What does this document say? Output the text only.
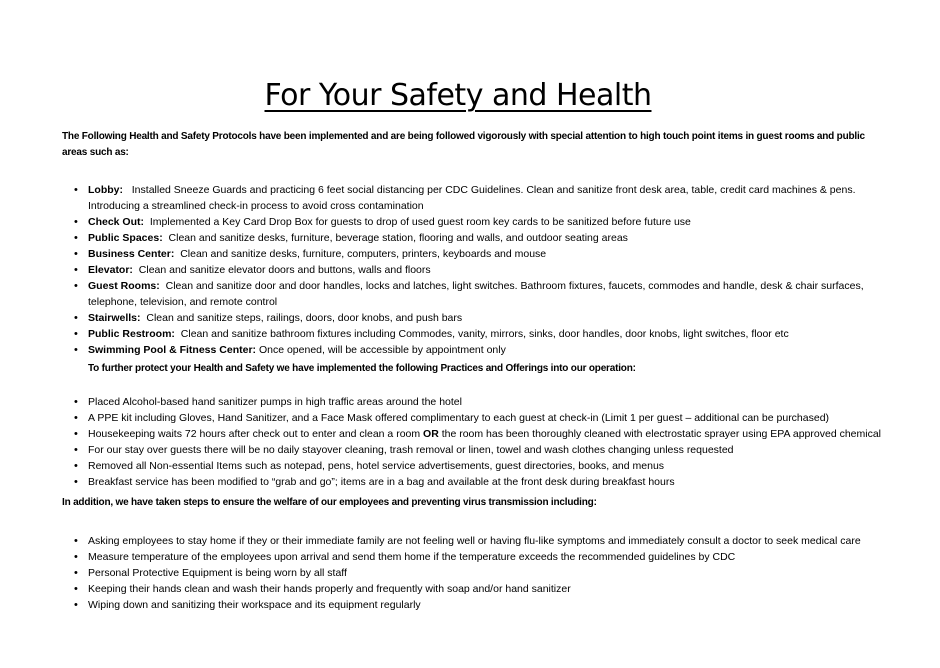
For Your Safety and Health

The Following Health and Safety Protocols have been implemented and are being followed vigorously with special attention to high touch point items in guest rooms and public areas such as:

• Lobby: Installed Sneeze Guards and practicing 6 feet social distancing per CDC Guidelines. Clean and sanitize front desk area, table, credit card machines & pens. Introducing a streamlined check-in process to avoid cross contamination
• Check Out: Implemented a Key Card Drop Box for guests to drop of used guest room key cards to be sanitized before future use
• Public Spaces: Clean and sanitize desks, furniture, beverage station, flooring and walls, and outdoor seating areas
• Business Center: Clean and sanitize desks, furniture, computers, printers, keyboards and mouse
• Elevator: Clean and sanitize elevator doors and buttons, walls and floors
• Guest Rooms: Clean and sanitize door and door handles, locks and latches, light switches. Bathroom fixtures, faucets, commodes and handle, desk & chair surfaces, telephone, television, and remote control
• Stairwells: Clean and sanitize steps, railings, doors, door knobs, and push bars
• Public Restroom: Clean and sanitize bathroom fixtures including Commodes, vanity, mirrors, sinks, door handles, door knobs, light switches, floor etc
• Swimming Pool & Fitness Center: Once opened, will be accessible by appointment only

To further protect your Health and Safety we have implemented the following Practices and Offerings into our operation:

• Placed Alcohol-based hand sanitizer pumps in high traffic areas around the hotel
• A PPE kit including Gloves, Hand Sanitizer, and a Face Mask offered complimentary to each guest at check-in (Limit 1 per guest – additional can be purchased)
• Housekeeping waits 72 hours after check out to enter and clean a room OR the room has been thoroughly cleaned with electrostatic sprayer using EPA approved chemical
• For our stay over guests there will be no daily stayover cleaning, trash removal or linen, towel and wash clothes changing unless requested
• Removed all Non-essential Items such as notepad, pens, hotel service advertisements, guest directories, books, and menus
• Breakfast service has been modified to “grab and go”; items are in a bag and available at the front desk during breakfast hours

In addition, we have taken steps to ensure the welfare of our employees and preventing virus transmission including:

• Asking employees to stay home if they or their immediate family are not feeling well or having flu-like symptoms and immediately consult a doctor to seek medical care
• Measure temperature of the employees upon arrival and send them home if the temperature exceeds the recommended guidelines by CDC
• Personal Protective Equipment is being worn by all staff
• Keeping their hands clean and wash their hands properly and frequently with soap and/or hand sanitizer
• Wiping down and sanitizing their workspace and its equipment regularly
